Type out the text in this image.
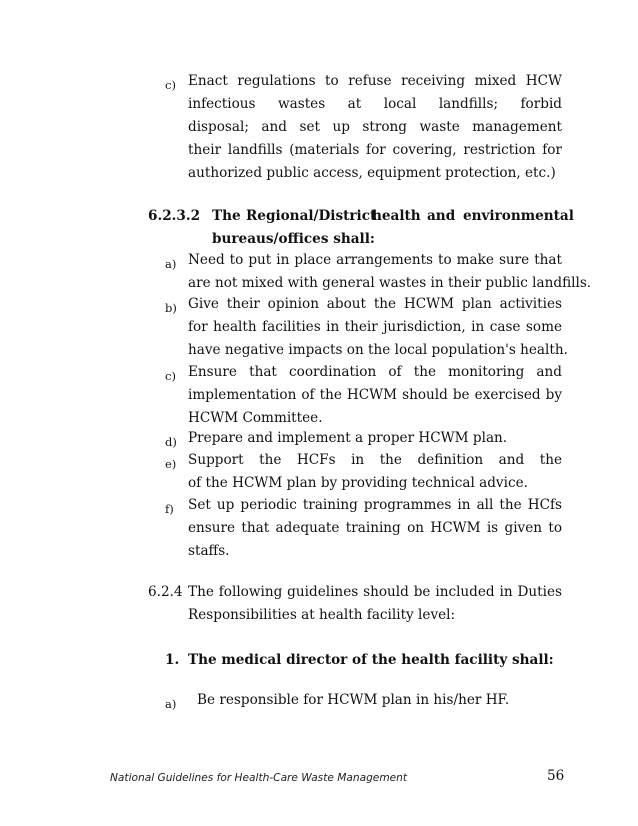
c) Enact regulations to refuse receiving mixed HCW
infectious wastes at local landfills; forbid
disposal; and set up strong waste management
their landfills (materials for covering, restriction for
authorized public access, equipment protection, etc.)
6.2.3.2 The Regional/District
health and environmental
bureaus/offices shall:
a) Need to put in place arrangements to make sure that
are not mixed with general wastes in their public landfills.
b) Give their opinion about the HCWM plan activities
for health facilities in their jurisdiction, in case some
have negative impacts on the local population's health.
c) Ensure that coordination of the monitoring and
implementation of the HCWM should be exercised by
HCWM Committee.
d) Prepare and implement a proper HCWM plan.
e) Support the HCFs in the definition and the
of the HCWM plan by providing technical advice.
f) Set up periodic training programmes in all the HCfs
ensure that adequate training on HCWM is given to
staffs.
6.2.4 The following guidelines should be included in Duties
Responsibilities at health facility level:
1. The medical director of the health facility shall:
a) Be responsible for HCWM plan in his/her HF.
National Guidelines for Health-Care Waste Management	56
